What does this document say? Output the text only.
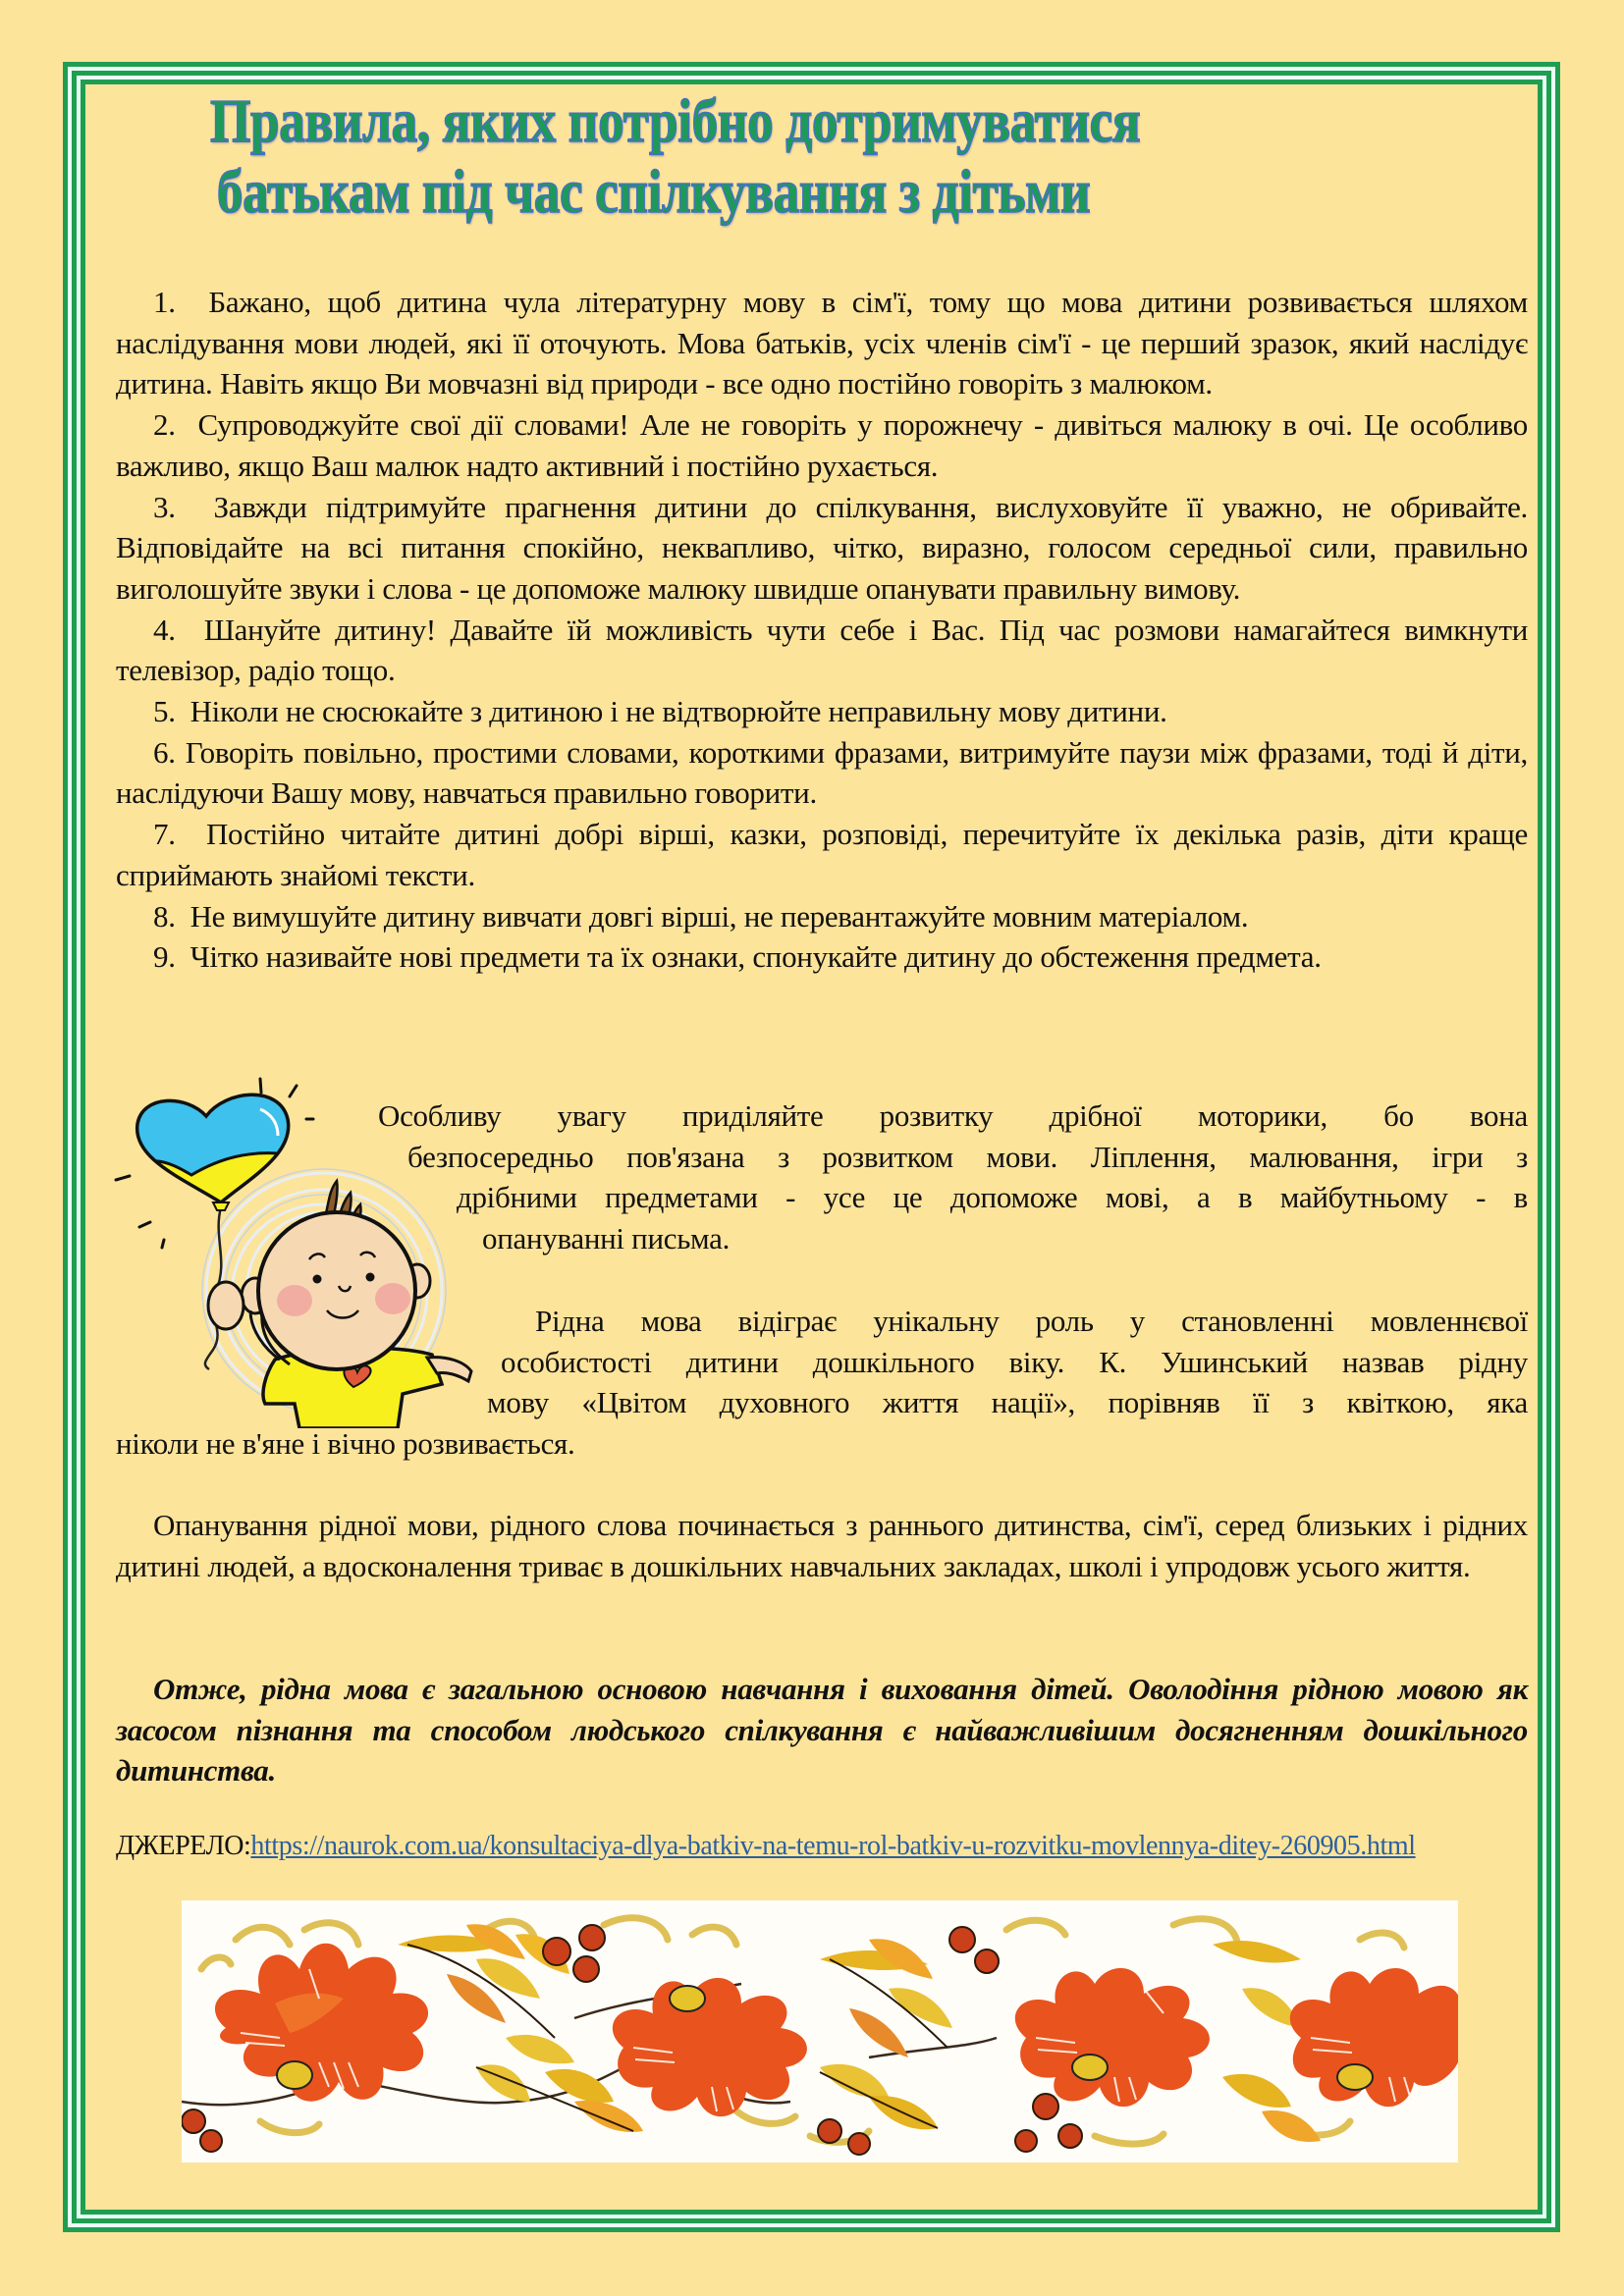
Правила, яких потрібно дотримуватися
батькам під час спілкування з дітьми

1. Бажано, щоб дитина чула літературну мову в сім'ї, тому що мова дитини розвивається шляхом наслідування мови людей, які її оточують. Мова батьків, усіх членів сім'ї - це перший зразок, який наслідує дитина. Навіть якщо Ви мовчазні від природи - все одно постійно говоріть з малюком.

2. Супроводжуйте свої дії словами! Але не говоріть у порожнечу - дивіться малюку в очі. Це особливо важливо, якщо Ваш малюк надто активний і постійно рухається.

3.  Завжди підтримуйте прагнення дитини до спілкування, вислуховуйте її уважно, не обривайте. Відповідайте на всі питання спокійно, неквапливо, чітко, виразно, голосом середньої сили, правильно виголошуйте звуки і слова - це допоможе малюку швидше опанувати правильну вимову.

4. Шануйте дитину! Давайте їй можливість чути себе і Вас. Під час розмови намагайтеся вимкнути телевізор, радіо тощо.

5. Ніколи не сюсюкайте з дитиною і не відтворюйте неправильну мову дитини.

6. Говоріть повільно, простими словами, короткими фразами, витримуйте паузи між фразами, тоді й діти, наслідуючи Вашу мову, навчаться правильно говорити.

7.  Постійно читайте дитині добрі вірші, казки, розповіді, перечитуйте їх декілька разів, діти краще сприймають знайомі тексти.

8. Не вимушуйте дитину вивчати довгі вірші, не перевантажуйте мовним матеріалом.

9. Чітко називайте нові предмети та їх ознаки, спонукайте дитину до обстеження предмета.

Особливу увагу приділяйте розвитку дрібної моторики, бо вона
безпосередньо пов'язана з розвитком мови. Ліплення, малювання, ігри з
дрібними предметами - усе це допоможе мові, а в майбутньому - в
опануванні письма.
Рідна мова відіграє унікальну роль у становленні мовленнєвої
особистості дитини дошкільного віку. К. Ушинський назвав рідну
мову «Цвітом духовного життя нації», порівняв її з квіткою, яка
ніколи не в'яне і вічно розвивається.

Опанування рідної мови, рідного слова починається з раннього дитинства, сім'ї, серед близьких і рідних дитині людей, а вдосконалення триває в дошкільних навчальних закладах, школі і упродовж усього життя.

Отже, рідна мова є загальною основою навчання і виховання дітей. Оволодіння рідною мовою як засосом пізнання та способом людського спілкування є найважливішим досягненням дошкільного дитинства.

ДЖЕРЕЛО:https://naurok.com.ua/konsultaciya-dlya-batkiv-na-temu-rol-batkiv-u-rozvitku-movlennya-ditey-260905.html
